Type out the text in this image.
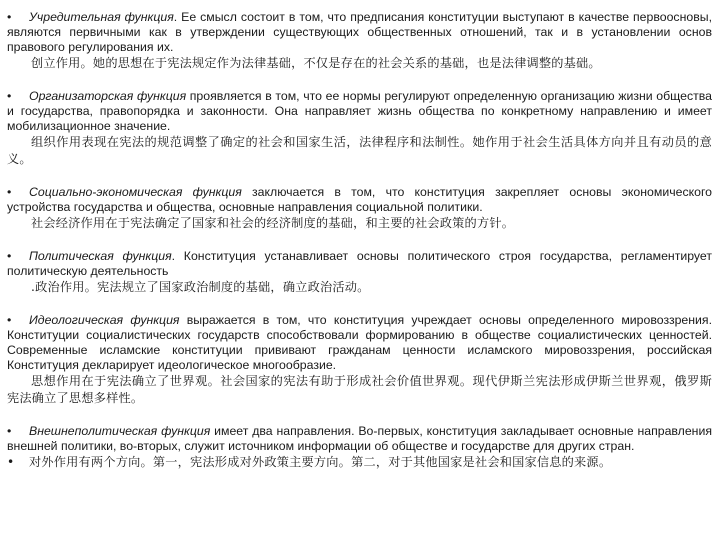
• Учредительная функция. Ее смысл состоит в том, что предписания конституции выступают в качестве первоосновы, являются первичными как в утверждении существующих общественных отношений, так и в установлении основ правового регулирования их.

创立作用。她的思想在于宪法规定作为法律基础，不仅是存在的社会关系的基础，也是法律调整的基础。

• Организаторская функция проявляется в том, что ее нормы регулируют определенную организацию жизни общества и государства, правопорядка и законности. Она направляет жизнь общества по конкретному направлению и имеет мобилизационное значение.

组织作用表现在宪法的规范调整了确定的社会和国家生活，法律程序和法制性。她作用于社会生活具体方向并且有动员的意义。

• Социально-экономическая функция заключается в том, что конституция закрепляет основы экономического устройства государства и общества, основные направления социальной политики.

社会经济作用在于宪法确定了国家和社会的经济制度的基础，和主要的社会政策的方针。

• Политическая функция. Конституция устанавливает основы политического строя государства, регламентирует политическую деятельность

.政治作用。宪法规立了国家政治制度的基础，确立政治活动。

• Идеологическая функция выражается в том, что конституция учреждает основы определенного мировоззрения. Конституции социалистических государств способствовали формированию в обществе социалистических ценностей. Современные исламские конституции прививают гражданам ценности исламского мировоззрения, российская Конституция декларирует идеологическое многообразие.

思想作用在于宪法确立了世界观。社会国家的宪法有助于形成社会价值世界观。现代伊斯兰宪法形成伊斯兰世界观，俄罗斯宪法确立了思想多样性。

• Внешнеполитическая функция имеет два направления. Во-первых, конституция закладывает основные направления внешней политики, во-вторых, служит источником информации об обществе и государстве для других стран.

• 对外作用有两个方向。第一，宪法形成对外政策主要方向。第二，对于其他国家是社会和国家信息的来源。
